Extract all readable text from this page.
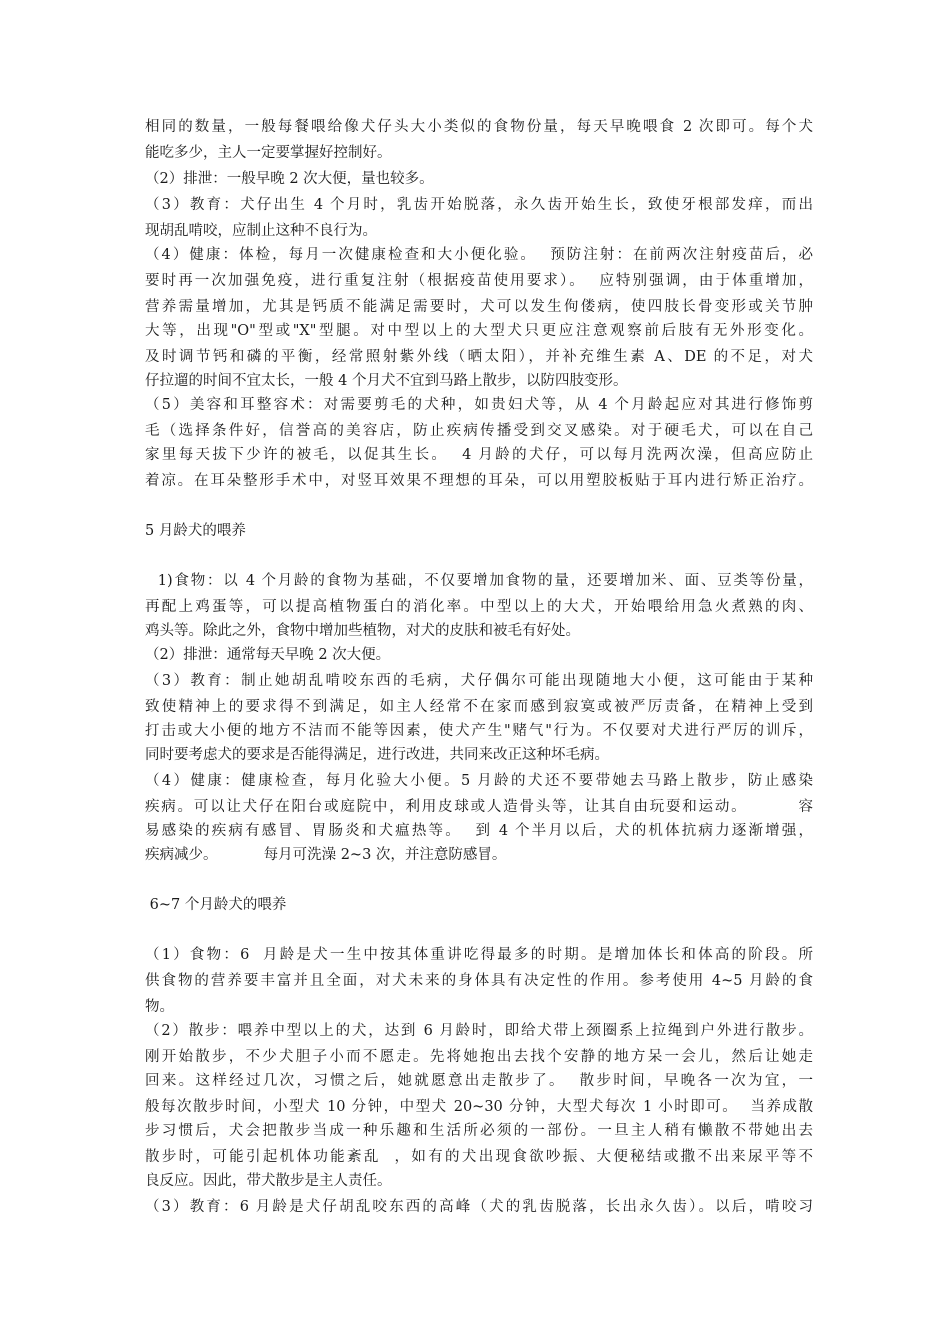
相同的数量，一般每餐喂给像犬仔头大小类似的食物份量，每天早晚喂食 2 次即可。每个犬
能吃多少，主人一定要掌握好控制好。
（2）排泄：一般早晚 2 次大便，量也较多。
（3）教育：犬仔出生 4 个月时，乳齿开始脱落，永久齿开始生长，致使牙根部发痒，而出
现胡乱啃咬，应制止这种不良行为。
（4）健康：体检，每月一次健康检查和大小便化验。  预防注射：在前两次注射疫苗后，必
要时再一次加强免疫，进行重复注射（根据疫苗使用要求）。  应特别强调，由于体重增加，
营养需量增加，尤其是钙质不能满足需要时，犬可以发生佝偻病，使四肢长骨变形或关节肿
大等，出现"O"型或"X"型腿。对中型以上的大型犬只更应注意观察前后肢有无外形变化。
及时调节钙和磷的平衡，经常照射紫外线（晒太阳），并补充维生素 A、DE 的不足，对犬
仔拉遛的时间不宜太长，一般 4 个月犬不宜到马路上散步，以防四肢变形。
（5）美容和耳整容术：对需要剪毛的犬种，如贵妇犬等，从 4 个月龄起应对其进行修饰剪
毛（选择条件好，信誉高的美容店，防止疾病传播受到交叉感染。对于硬毛犬，可以在自己
家里每天拔下少许的被毛，以促其生长。  4 月龄的犬仔，可以每月洗两次澡，但高应防止
着凉。在耳朵整形手术中，对竖耳效果不理想的耳朵，可以用塑胶板贴于耳内进行矫正治疗。
5 月龄犬的喂养
1)食物：以 4 个月龄的食物为基础，不仅要增加食物的量，还要增加米、面、豆类等份量，
再配上鸡蛋等，可以提高植物蛋白的消化率。中型以上的大犬，开始喂给用急火煮熟的肉、
鸡头等。除此之外，食物中增加些植物，对犬的皮肤和被毛有好处。
（2）排泄：通常每天早晚 2 次大便。
（3）教育：制止她胡乱啃咬东西的毛病，犬仔偶尔可能出现随地大小便，这可能由于某种
致使精神上的要求得不到满足，如主人经常不在家而感到寂寞或被严厉责备，在精神上受到
打击或大小便的地方不洁而不能等因素，使犬产生"赌气"行为。不仅要对犬进行严厉的训斥，
同时要考虑犬的要求是否能得满足，进行改进，共同来改正这种坏毛病。
（4）健康：健康检查，每月化验大小便。5 月龄的犬还不要带她去马路上散步，防止感染
疾病。可以让犬仔在阳台或庭院中，利用皮球或人造骨头等，让其自由玩耍和运动。        容
易感染的疾病有感冒、胃肠炎和犬瘟热等。  到 4 个半月以后，犬的机体抗病力逐渐增强，
疾病减少。          每月可洗澡 2~3 次，并注意防感冒。
6~7 个月龄犬的喂养
（1）食物：6  月龄是犬一生中按其体重讲吃得最多的时期。是增加体长和体高的阶段。所
供食物的营养要丰富并且全面，对犬未来的身体具有决定性的作用。参考使用 4~5 月龄的食
物。
（2）散步：喂养中型以上的犬，达到 6 月龄时，即给犬带上颈圈系上拉绳到户外进行散步。
刚开始散步，不少犬胆子小而不愿走。先将她抱出去找个安静的地方呆一会儿，然后让她走
回来。这样经过几次，习惯之后，她就愿意出走散步了。  散步时间，早晚各一次为宜，一
般每次散步时间，小型犬 10 分钟，中型犬 20~30 分钟，大型犬每次 1 小时即可。  当养成散
步习惯后，犬会把散步当成一种乐趣和生活所必须的一部份。一旦主人稍有懒散不带她出去
散步时，可能引起机体功能紊乱  ，如有的犬出现食欲吵振、大便秘结或撒不出来尿平等不
良反应。因此，带犬散步是主人责任。
（3）教育：6 月龄是犬仔胡乱咬东西的高峰（犬的乳齿脱落，长出永久齿）。以后，啃咬习
